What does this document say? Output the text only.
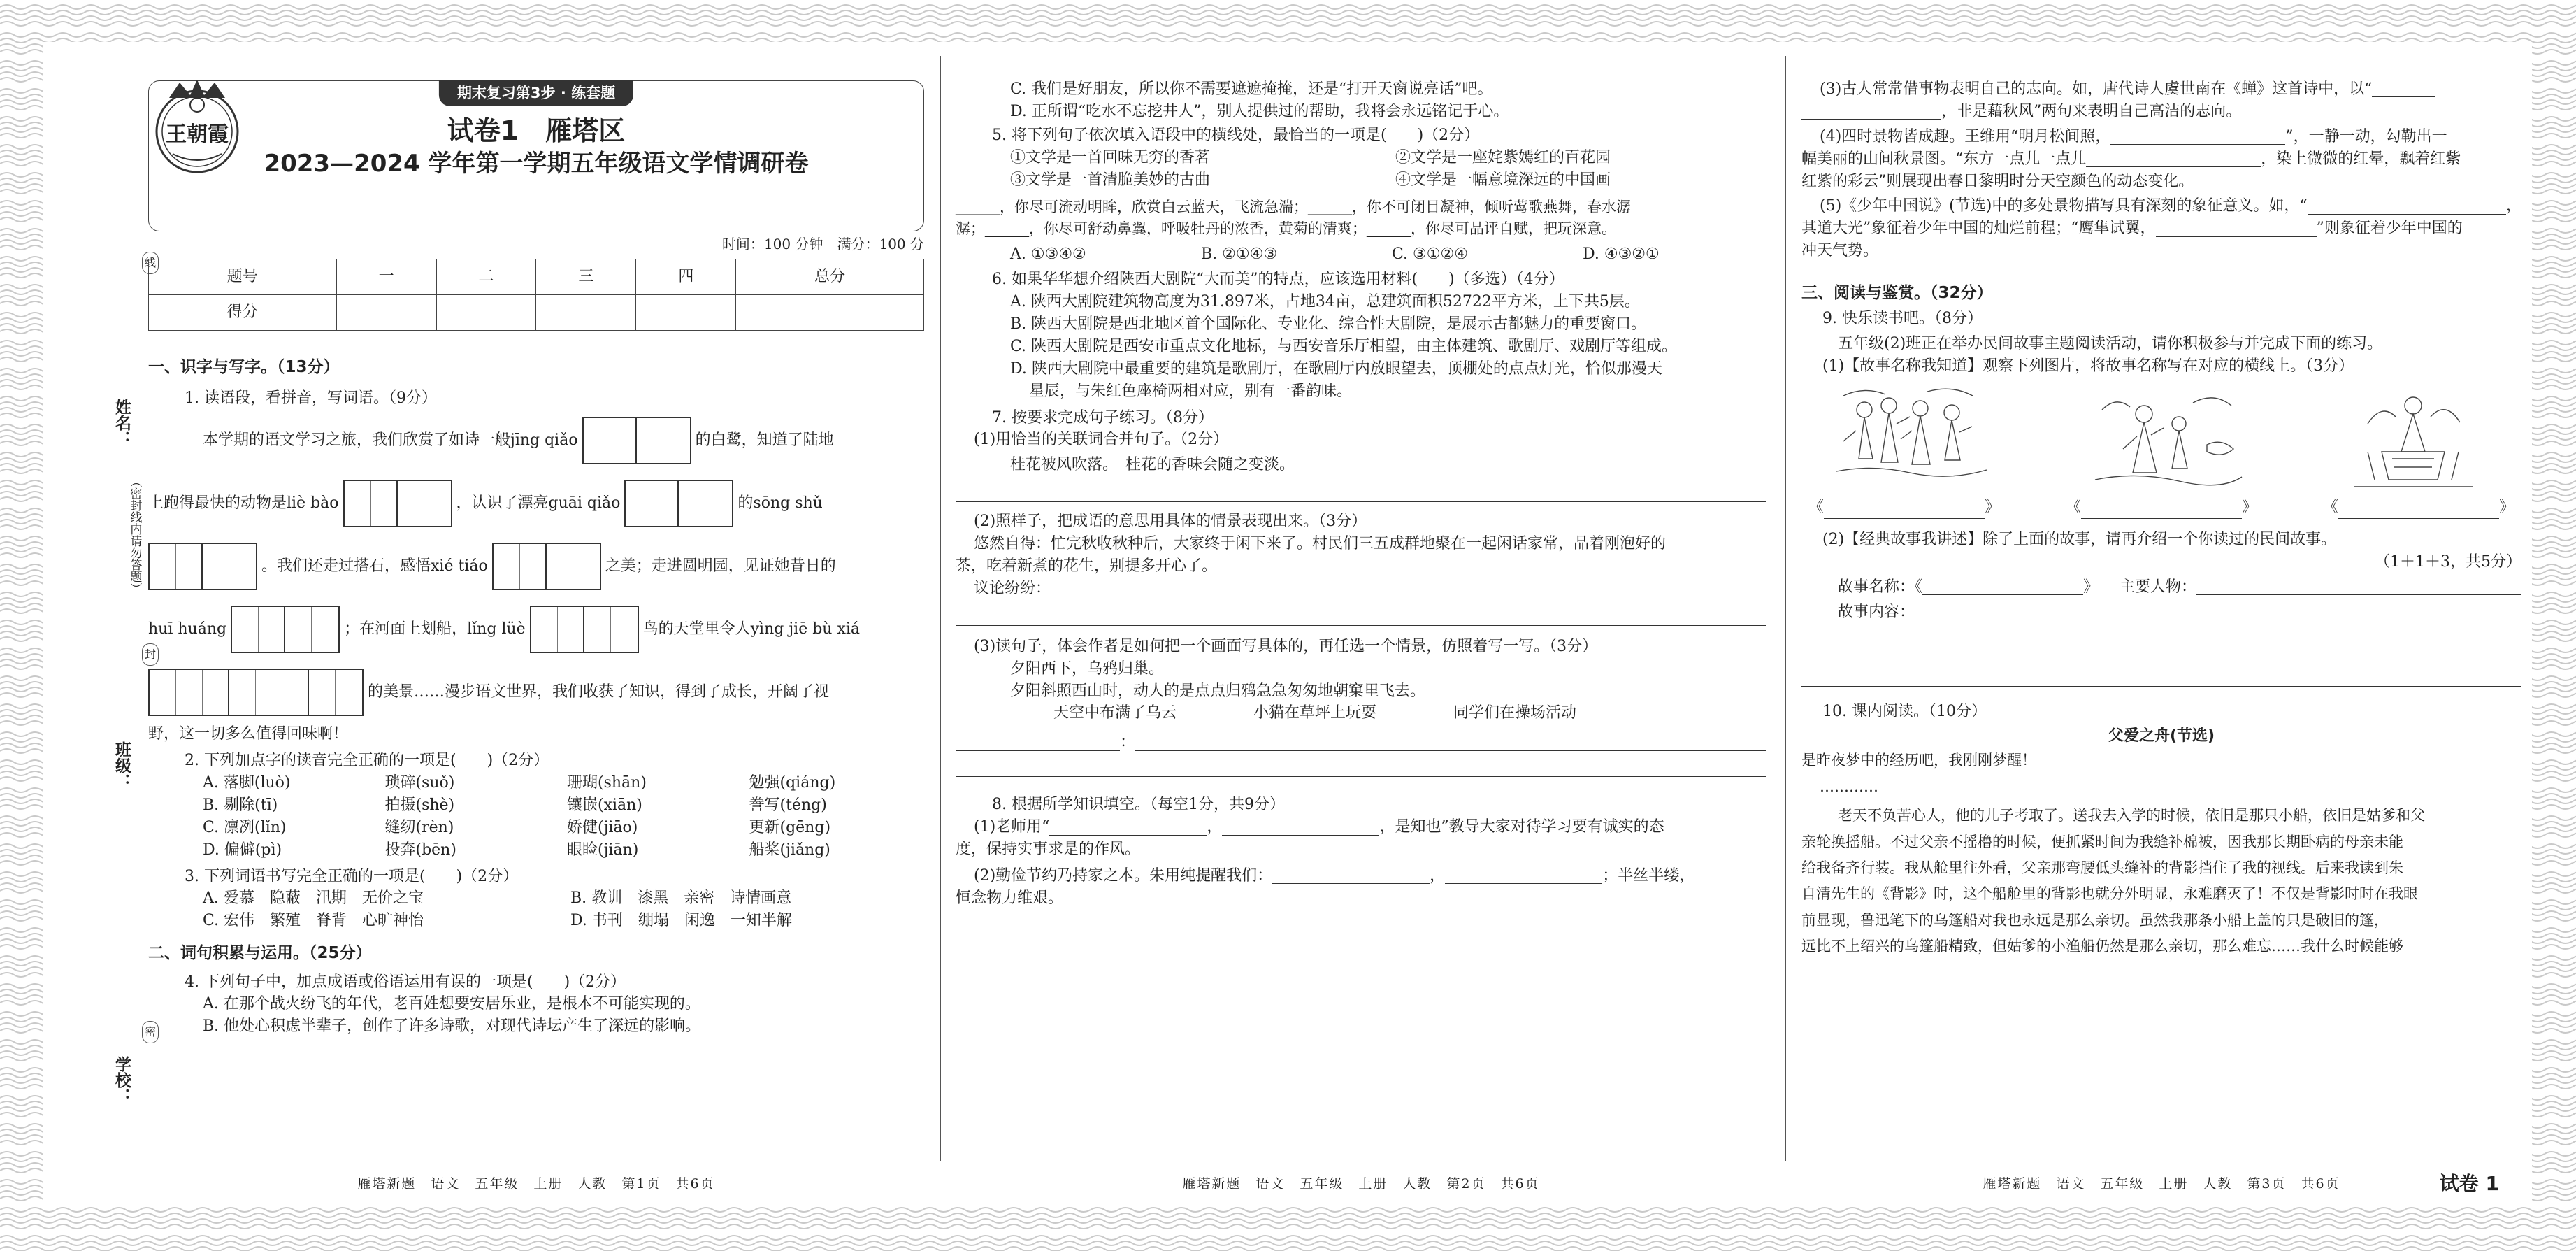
线
封
密
姓名：
（密封线内请勿答题）
班级：
学校：
王朝霞
期末复习第3步 · 练套题
试卷1　雁塔区
2023—2024 学年第一学期五年级语文学情调研卷
时间：100 分钟　满分：100 分
题号	一	二	三	四	总分
得分					

一、识字与写字。（13分）

1. 读语段，看拼音，写词语。（9分）

本学期的语文学习之旅，我们欣赏了如诗一般jīng qiǎo	的白鹭，知道了陆地
上跑得最快的动物是liè bào	，认识了漂亮guāi qiǎo	的sōng shǔ
。我们还走过搭石，感悟xié tiáo	之美；走进圆明园，见证她昔日的
huī huáng	；在河面上划船，lǐng lüè	鸟的天堂里令人yìng jiē bù xiá
的美景……漫步语文世界，我们收获了知识，得到了成长，开阔了视

野，这一切多么值得回味啊！

2. 下列加点字的读音完全正确的一项是(　　)（2分）

A. 落脚(luò)	琐碎(suǒ)	珊瑚(shān)	勉强(qiáng)
B. 剔除(tī)	拍摄(shè)	镶嵌(xiān)	誊写(téng)
C. 凛冽(lǐn)	缝纫(rèn)	娇健(jiāo)	更新(gēng)
D. 偏僻(pì)	投奔(bēn)	眼睑(jiān)	船桨(jiǎng)

3. 下列词语书写完全正确的一项是(　　)（2分）

A. 爱慕　隐蔽　汛期　无价之宝	B. 教训　漆黑　亲密　诗情画意
C. 宏伟　繁殖　脊背　心旷神怡	D. 书刊　绷塌　闲逸　一知半解

二、词句积累与运用。（25分）

4. 下列句子中，加点成语或俗语运用有误的一项是(　　)（2分）

A. 在那个战火纷飞的年代，老百姓想要安居乐业，是根本不可能实现的。

B. 他处心积虑半辈子，创作了许多诗歌，对现代诗坛产生了深远的影响。

雁塔新题　语文　五年级　上册　人教　第1页　共6页

C. 我们是好朋友，所以你不需要遮遮掩掩，还是“打开天窗说亮话”吧。

D. 正所谓“吃水不忘挖井人”，别人提供过的帮助，我将会永远铭记于心。

5. 将下列句子依次填入语段中的横线处，最恰当的一项是(　　)（2分）

①文学是一首回味无穷的香茗	②文学是一座姹紫嫣红的百花园
③文学是一首清脆美妙的古曲	④文学是一幅意境深远的中国画

______，你尽可流动明眸，欣赏白云蓝天，飞流急湍；______，你不可闭目凝神，倾听莺歌燕舞，春水潺

潺；______，你尽可舒动鼻翼，呼吸牡丹的浓香，黄菊的清爽；______，你尽可品评自赋，把玩深意。

A. ①③④②	B. ②①④③	C. ③①②④	D. ④③②①

6. 如果华华想介绍陕西大剧院“大而美”的特点，应该选用材料(　　)（多选）（4分）

A. 陕西大剧院建筑物高度为31.897米，占地34亩，总建筑面积52722平方米，上下共5层。

B. 陕西大剧院是西北地区首个国际化、专业化、综合性大剧院，是展示古都魅力的重要窗口。

C. 陕西大剧院是西安市重点文化地标，与西安音乐厅相望，由主体建筑、歌剧厅、戏剧厅等组成。

D. 陕西大剧院中最重要的建筑是歌剧厅，在歌剧厅内放眼望去，顶棚处的点点灯光，恰似那漫天

星辰，与朱红色座椅两相对应，别有一番韵味。

7. 按要求完成句子练习。（8分）

(1)用恰当的关联词合并句子。（2分）

桂花被风吹落。　桂花的香味会随之变淡。

(2)照样子，把成语的意思用具体的情景表现出来。（3分）

悠然自得：忙完秋收秋种后，大家终于闲下来了。村民们三五成群地聚在一起闲话家常，品着刚泡好的

茶，吃着新煮的花生，别提多开心了。

议论纷纷：

(3)读句子，体会作者是如何把一个画面写具体的，再任选一个情景，仿照着写一写。（3分）

夕阳西下，乌鸦归巢。

夕阳斜照西山时，动人的是点点归鸦急急匆匆地朝窠里飞去。

天空中布满了乌云	小猫在草坪上玩耍	同学们在操场活动
：

8. 根据所学知识填空。（每空1分，共9分）

(1)老师用“	，	，是知也”教导大家对待学习要有诚实的态

度，保持实事求是的作风。

(2)勤俭节约乃持家之本。朱用纯提醒我们：	，	；半丝半缕，

恒念物力维艰。

雁塔新题　语文　五年级　上册　人教　第2页　共6页
(3)古人常常借事物表明自己的志向。如，唐代诗人虞世南在《蝉》这首诗中，以“
，非是藉秋风”两句来表明自己高洁的志向。
(4)四时景物皆成趣。王维用“明月松间照，	”，一静一动，勾勒出一
幅美丽的山间秋景图。“东方一点儿一点儿	，染上微微的红晕，飘着红紫

红紫的彩云”则展现出春日黎明时分天空颜色的动态变化。

(5)《少年中国说》(节选)中的多处景物描写具有深刻的象征意义。如，“	，
其道大光”象征着少年中国的灿烂前程；“鹰隼试翼，	”则象征着少年中国的

冲天气势。

三、阅读与鉴赏。（32分）

9. 快乐读书吧。（8分）

五年级(2)班正在举办民间故事主题阅读活动，请你积极参与并完成下面的练习。

(1)【故事名称我知道】观察下列图片，将故事名称写在对应的横线上。（3分）

《	》	《	》	《	》

(2)【经典故事我讲述】除了上面的故事，请再介绍一个你读过的民间故事。

（1＋1＋3，共5分）

故事名称：《	》 主要人物：
故事内容：

10. 课内阅读。（10分）

父爱之舟(节选)

是昨夜梦中的经历吧，我刚刚梦醒！

…………

老天不负苦心人，他的儿子考取了。送我去入学的时候，依旧是那只小船，依旧是姑爹和父

亲轮换摇船。不过父亲不摇橹的时候，便抓紧时间为我缝补棉被，因我那长期卧病的母亲未能

给我备齐行装。我从舱里往外看，父亲那弯腰低头缝补的背影挡住了我的视线。后来我读到朱

自清先生的《背影》时，这个船舱里的背影也就分外明显，永难磨灭了！不仅是背影时时在我眼

前显现，鲁迅笔下的乌篷船对我也永远是那么亲切。虽然我那条小船上盖的只是破旧的篷，

远比不上绍兴的乌篷船精致，但姑爹的小渔船仍然是那么亲切，那么难忘……我什么时候能够

雁塔新题　语文　五年级　上册　人教　第3页　共6页	试卷 1
